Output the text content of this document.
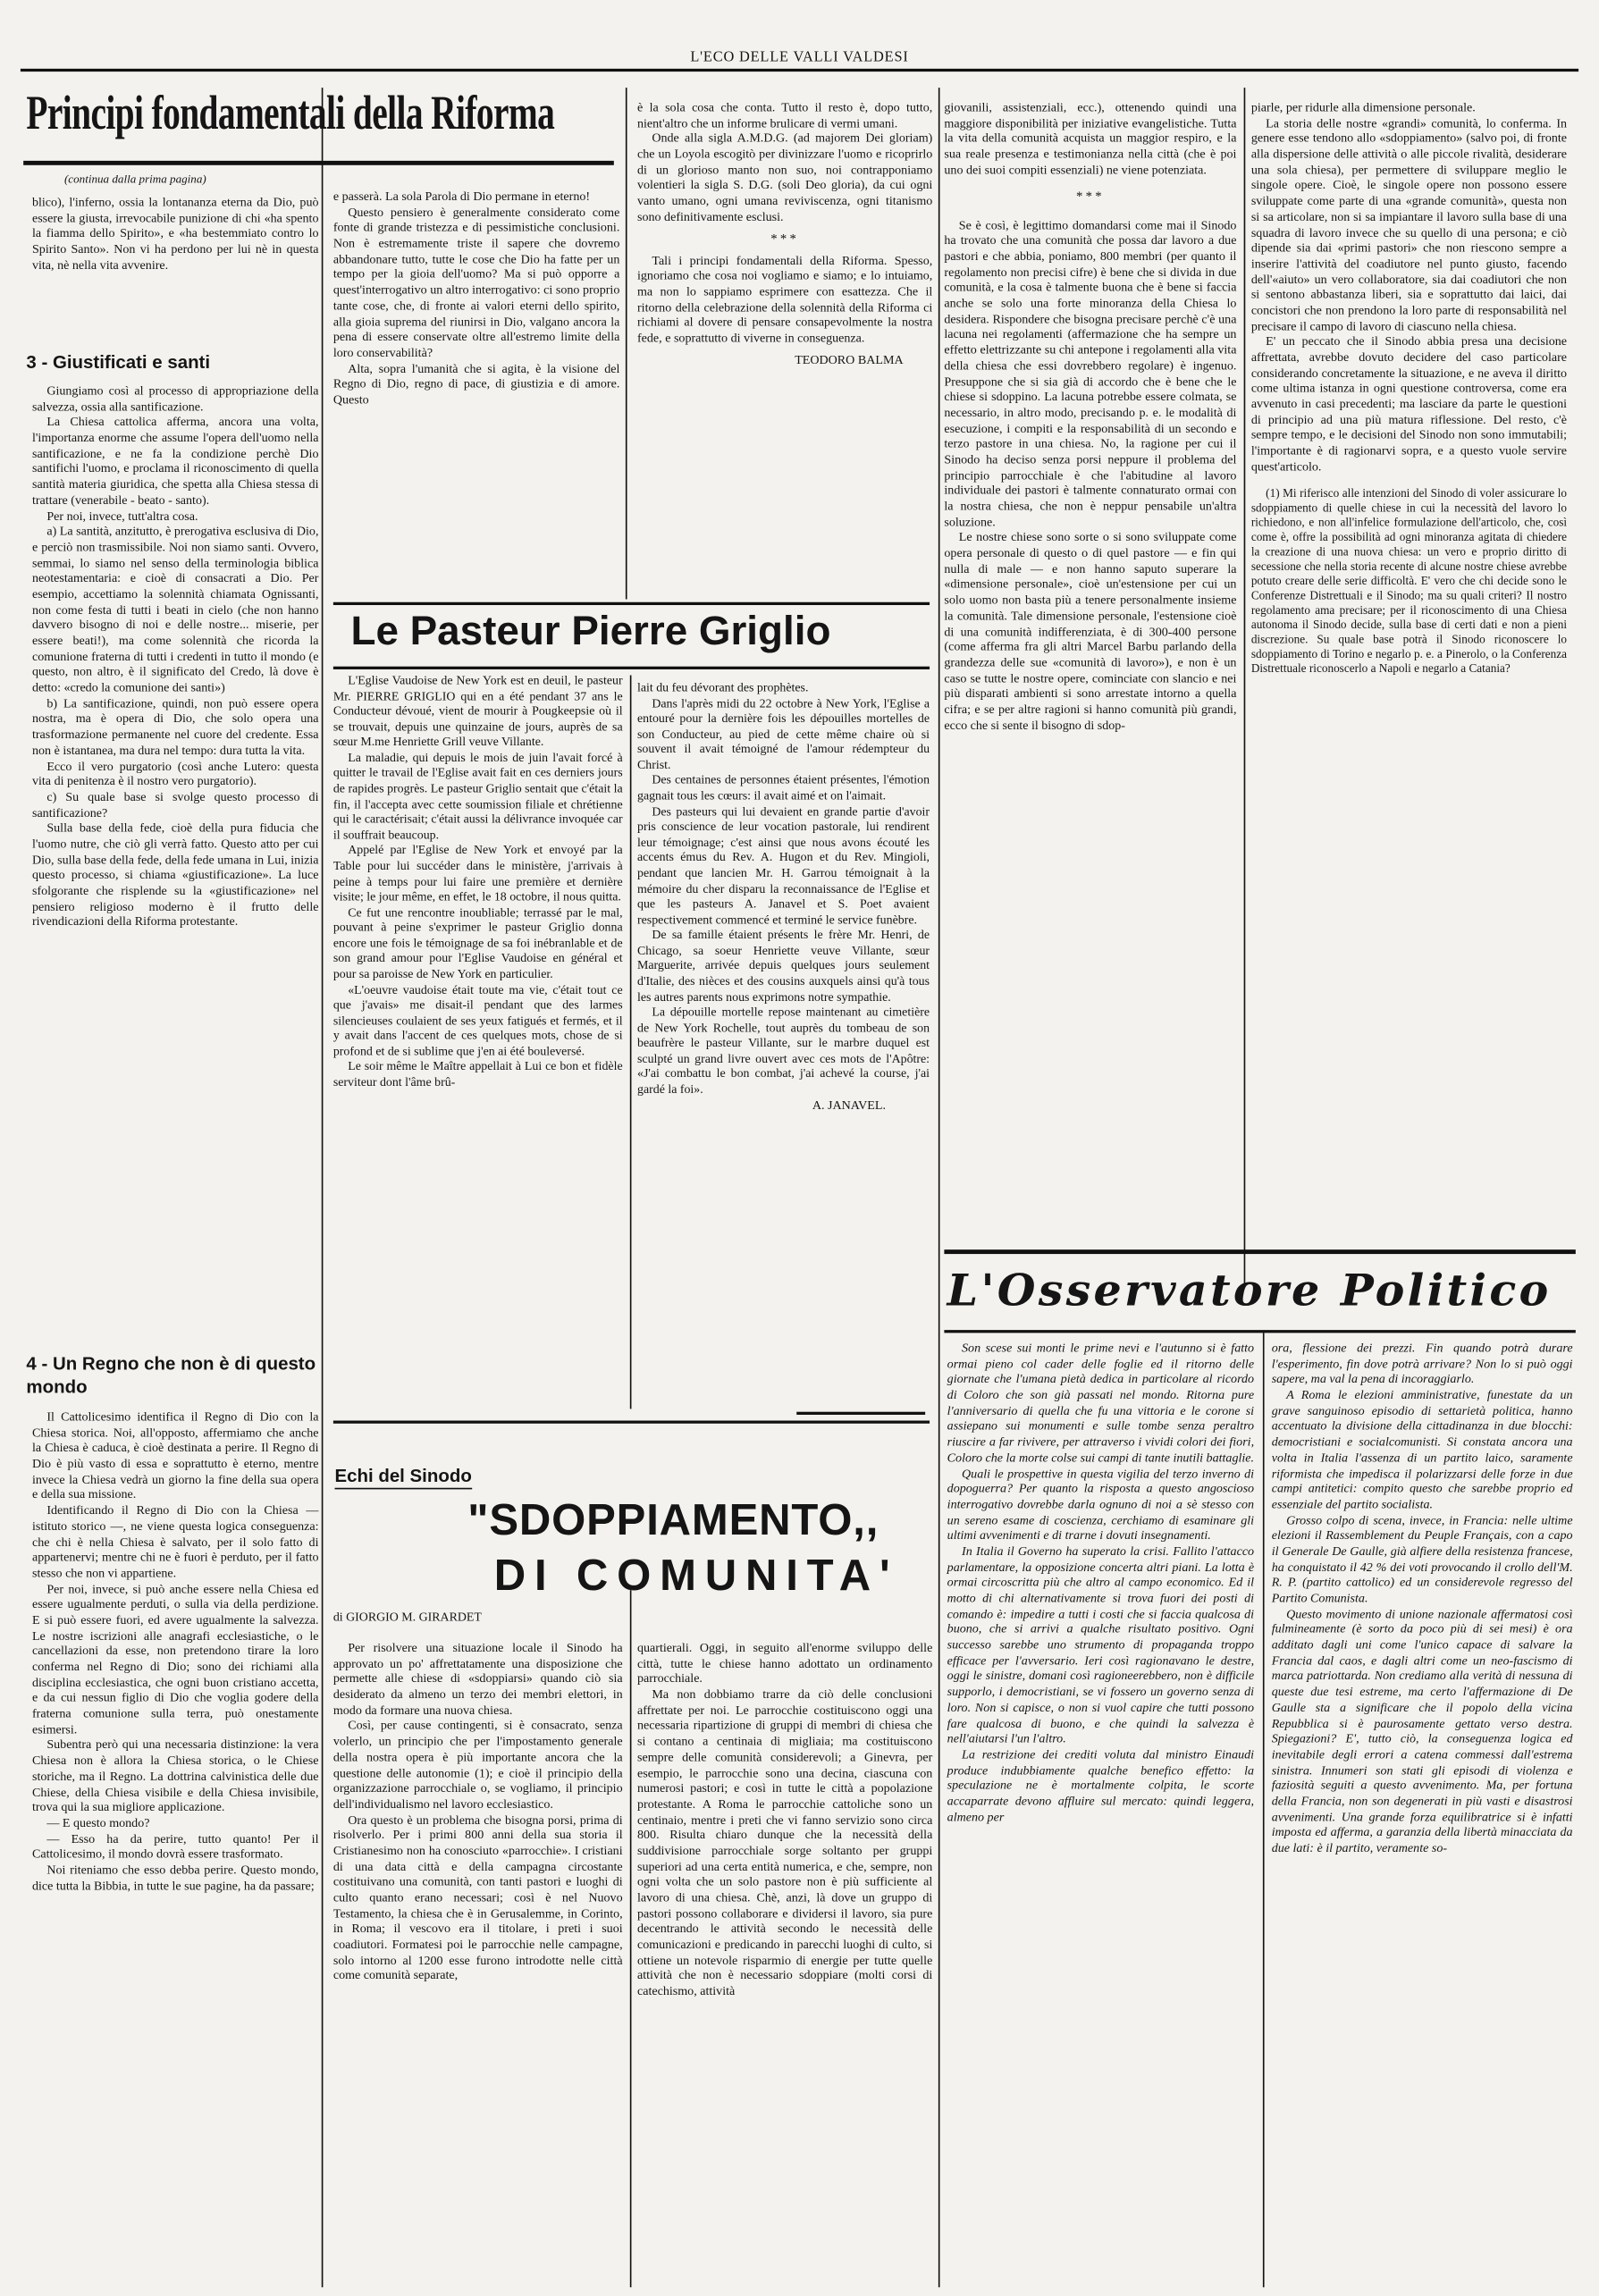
L'ECO DELLE VALLI VALDESI
Principi fondamentali della Riforma
(continua dalla prima pagina)

blico), l'inferno, ossia la lontananza eterna da Dio, può essere la giusta, irrevocabile punizione di chi «ha spento la fiamma dello Spirito», e «ha bestemmiato contro lo Spirito Santo». Non vi ha perdono per lui nè in questa vita, nè nella vita avvenire.

3 - Giustificati e santi

Giungiamo così al processo di appropriazione della salvezza, ossia alla santificazione.

La Chiesa cattolica afferma, ancora una volta, l'importanza enorme che assume l'opera dell'uomo nella santificazione, e ne fa la condizione perchè Dio santifichi l'uomo, e proclama il riconoscimento di quella santità materia giuridica, che spetta alla Chiesa stessa di trattare (venerabile - beato - santo).

Per noi, invece, tutt'altra cosa.

a) La santità, anzitutto, è prerogativa esclusiva di Dio, e perciò non trasmissibile. Noi non siamo santi. Ovvero, semmai, lo siamo nel senso della terminologia biblica neotestamentaria: e cioè di consacrati a Dio. Per esempio, accettiamo la solennità chiamata Ognissanti, non come festa di tutti i beati in cielo (che non hanno davvero bisogno di noi e delle nostre... miserie, per essere beati!), ma come solennità che ricorda la comunione fraterna di tutti i credenti in tutto il mondo (e questo, non altro, è il significato del Credo, là dove è detto: «credo la comunione dei santi»)

b) La santificazione, quindi, non può essere opera nostra, ma è opera di Dio, che solo opera una trasformazione permanente nel cuore del credente. Essa non è istantanea, ma dura nel tempo: dura tutta la vita.

Ecco il vero purgatorio (così anche Lutero: questa vita di penitenza è il nostro vero purgatorio).

c) Su quale base si svolge questo processo di santificazione?

Sulla base della fede, cioè della pura fiducia che l'uomo nutre, che ciò gli verrà fatto. Questo atto per cui Dio, sulla base della fede, della fede umana in Lui, inizia questo processo, si chiama «giustificazione». La luce sfolgorante che risplende su la «giustificazione» nel pensiero religioso moderno è il frutto delle rivendicazioni della Riforma protestante.

4 - Un Regno che non è di questo mondo

Il Cattolicesimo identifica il Regno di Dio con la Chiesa storica. Noi, all'opposto, affermiamo che anche la Chiesa è caduca, è cioè destinata a perire. Il Regno di Dio è più vasto di essa e soprattutto è eterno, mentre invece la Chiesa vedrà un giorno la fine della sua opera e della sua missione.

Identificando il Regno di Dio con la Chiesa — istituto storico —, ne viene questa logica conseguenza: che chi è nella Chiesa è salvato, per il solo fatto di appartenervi; mentre chi ne è fuori è perduto, per il fatto stesso che non vi appartiene.

Per noi, invece, si può anche essere nella Chiesa ed essere ugualmente perduti, o sulla via della perdizione. E si può essere fuori, ed avere ugualmente la salvezza. Le nostre iscrizioni alle anagrafi ecclesiastiche, o le cancellazioni da esse, non pretendono tirare la loro conferma nel Regno di Dio; sono dei richiami alla disciplina ecclesiastica, che ogni buon cristiano accetta, e da cui nessun figlio di Dio che voglia godere della fraterna comunione sulla terra, può onestamente esimersi.

Subentra però qui una necessaria distinzione: la vera Chiesa non è allora la Chiesa storica, o le Chiese storiche, ma il Regno. La dottrina calvinistica delle due Chiese, della Chiesa visibile e della Chiesa invisibile, trova qui la sua migliore applicazione.

— E questo mondo?

— Esso ha da perire, tutto quanto! Per il Cattolicesimo, il mondo dovrà essere trasformato.

Noi riteniamo che esso debba perire. Questo mondo, dice tutta la Bibbia, in tutte le sue pagine, ha da passare;

e passerà. La sola Parola di Dio permane in eterno!

Questo pensiero è generalmente considerato come fonte di grande tristezza e di pessimistiche conclusioni. Non è estremamente triste il sapere che dovremo abbandonare tutto, tutte le cose che Dio ha fatte per un tempo per la gioia dell'uomo? Ma si può opporre a quest'interrogativo un altro interrogativo: ci sono proprio tante cose, che, di fronte ai valori eterni dello spirito, alla gioia suprema del riunirsi in Dio, valgano ancora la pena di essere conservate oltre all'estremo limite della loro conservabilità?

Alta, sopra l'umanità che si agita, è la visione del Regno di Dio, regno di pace, di giustizia e di amore. Questo

è la sola cosa che conta. Tutto il resto è, dopo tutto, nient'altro che un informe brulicare di vermi umani.

Onde alla sigla A.M.D.G. (ad majorem Dei gloriam) che un Loyola escogitò per divinizzare l'uomo e ricoprirlo di un glorioso manto non suo, noi contrapponiamo volentieri la sigla S. D.G. (soli Deo gloria), da cui ogni vanto umano, ogni umana reviviscenza, ogni titanismo sono definitivamente esclusi.

***

Tali i principi fondamentali della Riforma. Spesso, ignoriamo che cosa noi vogliamo e siamo; e lo intuiamo, ma non lo sappiamo esprimere con esattezza. Che il ritorno della celebrazione della solennità della Riforma ci richiami al dovere di pensare consapevolmente la nostra fede, e soprattutto di viverne in conseguenza.

TEODORO BALMA
Le Pasteur Pierre Griglio

L'Eglise Vaudoise de New York est en deuil, le pasteur Mr. PIERRE GRIGLIO qui en a été pendant 37 ans le Conducteur dévoué, vient de mourir à Pougkeepsie où il se trouvait, depuis une quinzaine de jours, auprès de sa sœur M.me Henriette Grill veuve Villante.

La maladie, qui depuis le mois de juin l'avait forcé à quitter le travail de l'Eglise avait fait en ces derniers jours de rapides progrès. Le pasteur Griglio sentait que c'était la fin, il l'accepta avec cette soumission filiale et chrétienne qui le caractérisait; c'était aussi la délivrance invoquée car il souffrait beaucoup.

Appelé par l'Eglise de New York et envoyé par la Table pour lui succéder dans le ministère, j'arrivais à peine à temps pour lui faire une première et dernière visite; le jour même, en effet, le 18 octobre, il nous quitta.

Ce fut une rencontre inoubliable; terrassé par le mal, pouvant à peine s'exprimer le pasteur Griglio donna encore une fois le témoignage de sa foi inébranlable et de son grand amour pour l'Eglise Vaudoise en général et pour sa paroisse de New York en particulier.

«L'oeuvre vaudoise était toute ma vie, c'était tout ce que j'avais» me disait-il pendant que des larmes silencieuses coulaient de ses yeux fatigués et fermés, et il y avait dans l'accent de ces quelques mots, chose de si profond et de si sublime que j'en ai été bouleversé.

Le soir même le Maître appellait à Lui ce bon et fidèle serviteur dont l'âme brû-

lait du feu dévorant des prophètes.

Dans l'après midi du 22 octobre à New York, l'Eglise a entouré pour la dernière fois les dépouilles mortelles de son Conducteur, au pied de cette même chaire où si souvent il avait témoigné de l'amour rédempteur du Christ.

Des centaines de personnes étaient présentes, l'émotion gagnait tous les cœurs: il avait aimé et on l'aimait.

Des pasteurs qui lui devaient en grande partie d'avoir pris conscience de leur vocation pastorale, lui rendirent leur témoignage; c'est ainsi que nous avons écouté les accents émus du Rev. A. Hugon et du Rev. Mingioli, pendant que lancien Mr. H. Garrou témoignait à la mémoire du cher disparu la reconnaissance de l'Eglise et que les pasteurs A. Janavel et S. Poet avaient respectivement commencé et terminé le service funèbre.

De sa famille étaient présents le frère Mr. Henri, de Chicago, sa soeur Henriette veuve Villante, sœur Marguerite, arrivée depuis quelques jours seulement d'Italie, des nièces et des cousins auxquels ainsi qu'à tous les autres parents nous exprimons notre sympathie.

La dépouille mortelle repose maintenant au cimetière de New York Rochelle, tout auprès du tombeau de son beaufrère le pasteur Villante, sur le marbre duquel est sculpté un grand livre ouvert avec ces mots de l'Apôtre: «J'ai combattu le bon combat, j'ai achevé la course, j'ai gardé la foi».

A. JANAVEL.
Echi del Sinodo
"SDOPPIAMENTO,,
DI COMUNITA'
di GIORGIO M. GIRARDET

Per risolvere una situazione locale il Sinodo ha approvato un po' affrettatamente una disposizione che permette alle chiese di «sdoppiarsi» quando ciò sia desiderato da almeno un terzo dei membri elettori, in modo da formare una nuova chiesa.

Così, per cause contingenti, si è consacrato, senza volerlo, un principio che per l'impostamento generale della nostra opera è più importante ancora che la questione delle autonomie (1); e cioè il principio della organizzazione parrocchiale o, se vogliamo, il principio dell'individualismo nel lavoro ecclesiastico.

Ora questo è un problema che bisogna porsi, prima di risolverlo. Per i primi 800 anni della sua storia il Cristianesimo non ha conosciuto «parrocchie». I cristiani di una data città e della campagna circostante costituivano una comunità, con tanti pastori e luoghi di culto quanto erano necessari; così è nel Nuovo Testamento, la chiesa che è in Gerusalemme, in Corinto, in Roma; il vescovo era il titolare, i preti i suoi coadiutori. Formatesi poi le parrocchie nelle campagne, solo intorno al 1200 esse furono introdotte nelle città come comunità separate,

quartierali. Oggi, in seguito all'enorme sviluppo delle città, tutte le chiese hanno adottato un ordinamento parrocchiale.

Ma non dobbiamo trarre da ciò delle conclusioni affrettate per noi. Le parrocchie costituiscono oggi una necessaria ripartizione di gruppi di membri di chiesa che si contano a centinaia di migliaia; ma costituiscono sempre delle comunità considerevoli; a Ginevra, per esempio, le parrocchie sono una decina, ciascuna con numerosi pastori; e così in tutte le città a popolazione protestante. A Roma le parrocchie cattoliche sono un centinaio, mentre i preti che vi fanno servizio sono circa 800. Risulta chiaro dunque che la necessità della suddivisione parrocchiale sorge soltanto per gruppi superiori ad una certa entità numerica, e che, sempre, non ogni volta che un solo pastore non è più sufficiente al lavoro di una chiesa. Chè, anzi, là dove un gruppo di pastori possono collaborare e dividersi il lavoro, sia pure decentrando le attività secondo le necessità delle comunicazioni e predicando in parecchi luoghi di culto, si ottiene un notevole risparmio di energie per tutte quelle attività che non è necessario sdoppiare (molti corsi di catechismo, attività

giovanili, assistenziali, ecc.), ottenendo quindi una maggiore disponibilità per iniziative evangelistiche. Tutta la vita della comunità acquista un maggior respiro, e la sua reale presenza e testimonianza nella città (che è poi uno dei suoi compiti essenziali) ne viene potenziata.

***

Se è così, è legittimo domandarsi come mai il Sinodo ha trovato che una comunità che possa dar lavoro a due pastori e che abbia, poniamo, 800 membri (per quanto il regolamento non precisi cifre) è bene che si divida in due comunità, e la cosa è talmente buona che è bene si faccia anche se solo una forte minoranza della Chiesa lo desidera. Rispondere che bisogna precisare perchè c'è una lacuna nei regolamenti (affermazione che ha sempre un effetto elettrizzante su chi antepone i regolamenti alla vita della chiesa che essi dovrebbero regolare) è ingenuo. Presuppone che si sia già di accordo che è bene che le chiese si sdoppino. La lacuna potrebbe essere colmata, se necessario, in altro modo, precisando p. e. le modalità di esecuzione, i compiti e la responsabilità di un secondo e terzo pastore in una chiesa. No, la ragione per cui il Sinodo ha deciso senza porsi neppure il problema del principio parrocchiale è che l'abitudine al lavoro individuale dei pastori è talmente connaturato ormai con la nostra chiesa, che non è neppur pensabile un'altra soluzione.

Le nostre chiese sono sorte o si sono sviluppate come opera personale di questo o di quel pastore — e fin qui nulla di male — e non hanno saputo superare la «dimensione personale», cioè un'estensione per cui un solo uomo non basta più a tenere personalmente insieme la comunità. Tale dimensione personale, l'estensione cioè di una comunità indifferenziata, è di 300-400 persone (come afferma fra gli altri Marcel Barbu parlando della grandezza delle sue «comunità di lavoro»), e non è un caso se tutte le nostre opere, cominciate con slancio e nei più disparati ambienti si sono arrestate intorno a quella cifra; e se per altre ragioni si hanno comunità più grandi, ecco che si sente il bisogno di sdop-

piarle, per ridurle alla dimensione personale.

La storia delle nostre «grandi» comunità, lo conferma. In genere esse tendono allo «sdoppiamento» (salvo poi, di fronte alla dispersione delle attività o alle piccole rivalità, desiderare una sola chiesa), per permettere di sviluppare meglio le singole opere. Cioè, le singole opere non possono essere sviluppate come parte di una «grande comunità», questa non si sa articolare, non si sa impiantare il lavoro sulla base di una squadra di lavoro invece che su quello di una persona; e ciò dipende sia dai «primi pastori» che non riescono sempre a inserire l'attività del coadiutore nel punto giusto, facendo dell'«aiuto» un vero collaboratore, sia dai coadiutori che non si sentono abbastanza liberi, sia e soprattutto dai laici, dai concistori che non prendono la loro parte di responsabilità nel precisare il campo di lavoro di ciascuno nella chiesa.

E' un peccato che il Sinodo abbia presa una decisione affrettata, avrebbe dovuto decidere del caso particolare considerando concretamente la situazione, e ne aveva il diritto come ultima istanza in ogni questione controversa, come era avvenuto in casi precedenti; ma lasciare da parte le questioni di principio ad una più matura riflessione. Del resto, c'è sempre tempo, e le decisioni del Sinodo non sono immutabili; l'importante è di ragionarvi sopra, e a questo vuole servire quest'articolo.

(1) Mi riferisco alle intenzioni del Sinodo di voler assicurare lo sdoppiamento di quelle chiese in cui la necessità del lavoro lo richiedono, e non all'infelice formulazione dell'articolo, che, così come è, offre la possibilità ad ogni minoranza agitata di chiedere la creazione di una nuova chiesa: un vero e proprio diritto di secessione che nella storia recente di alcune nostre chiese avrebbe potuto creare delle serie difficoltà. E' vero che chi decide sono le Conferenze Distrettuali e il Sinodo; ma su quali criteri? Il nostro regolamento ama precisare; per il riconoscimento di una Chiesa autonoma il Sinodo decide, sulla base di certi dati e non a pieni discrezione. Su quale base potrà il Sinodo riconoscere lo sdoppiamento di Torino e negarlo p. e. a Pinerolo, o la Conferenza Distrettuale riconoscerlo a Napoli e negarlo a Catania?

L'Osservatore Politico

Son scese sui monti le prime nevi e l'autunno si è fatto ormai pieno col cader delle foglie ed il ritorno delle giornate che l'umana pietà dedica in particolare al ricordo di Coloro che son già passati nel mondo. Ritorna pure l'anniversario di quella che fu una vittoria e le corone si assiepano sui monumenti e sulle tombe senza peraltro riuscire a far rivivere, per attraverso i vividi colori dei fiori, Coloro che la morte colse sui campi di tante inutili battaglie.

Quali le prospettive in questa vigilia del terzo inverno di dopoguerra? Per quanto la risposta a questo angoscioso interrogativo dovrebbe darla ognuno di noi a sè stesso con un sereno esame di coscienza, cerchiamo di esaminare gli ultimi avvenimenti e di trarne i dovuti insegnamenti.

In Italia il Governo ha superato la crisi. Fallito l'attacco parlamentare, la opposizione concerta altri piani. La lotta è ormai circoscritta più che altro al campo economico. Ed il motto di chi alternativamente si trova fuori dei posti di comando è: impedire a tutti i costi che si faccia qualcosa di buono, che si arrivi a qualche risultato positivo. Ogni successo sarebbe uno strumento di propaganda troppo efficace per l'avversario. Ieri così ragionavano le destre, oggi le sinistre, domani così ragioneerebbero, non è difficile supporlo, i democristiani, se vi fossero un governo senza di loro. Non si capisce, o non si vuol capire che tutti possono fare qualcosa di buono, e che quindi la salvezza è nell'aiutarsi l'un l'altro.

La restrizione dei crediti voluta dal ministro Einaudi produce indubbiamente qualche benefico effetto: la speculazione ne è mortalmente colpita, le scorte accaparrate devono affluire sul mercato: quindi leggera, almeno per

ora, flessione dei prezzi. Fin quando potrà durare l'esperimento, fin dove potrà arrivare? Non lo si può oggi sapere, ma val la pena di incoraggiarlo.

A Roma le elezioni amministrative, funestate da un grave sanguinoso episodio di settarietà politica, hanno accentuato la divisione della cittadinanza in due blocchi: democristiani e socialcomunisti. Si constata ancora una volta in Italia l'assenza di un partito laico, saramente riformista che impedisca il polarizzarsi delle forze in due campi antitetici: compito questo che sarebbe proprio ed essenziale del partito socialista.

Grosso colpo di scena, invece, in Francia: nelle ultime elezioni il Rassemblement du Peuple Français, con a capo il Generale De Gaulle, già alfiere della resistenza francese, ha conquistato il 42 % dei voti provocando il crollo dell'M. R. P. (partito cattolico) ed un considerevole regresso del Partito Comunista.

Questo movimento di unione nazionale affermatosi così fulmineamente (è sorto da poco più di sei mesi) è ora additato dagli uni come l'unico capace di salvare la Francia dal caos, e dagli altri come un neo-fascismo di marca patriottarda. Non crediamo alla verità di nessuna di queste due tesi estreme, ma certo l'affermazione di De Gaulle sta a significare che il popolo della vicina Repubblica si è paurosamente gettato verso destra. Spiegazioni? E', tutto ciò, la conseguenza logica ed inevitabile degli errori a catena commessi dall'estrema sinistra. Innumeri son stati gli episodi di violenza e faziosità seguiti a questo avvenimento. Ma, per fortuna della Francia, non son degenerati in più vasti e disastrosi avvenimenti. Una grande forza equilibratrice si è infatti imposta ed afferma, a garanzia della libertà minacciata da due lati: è il partito, veramente so-
